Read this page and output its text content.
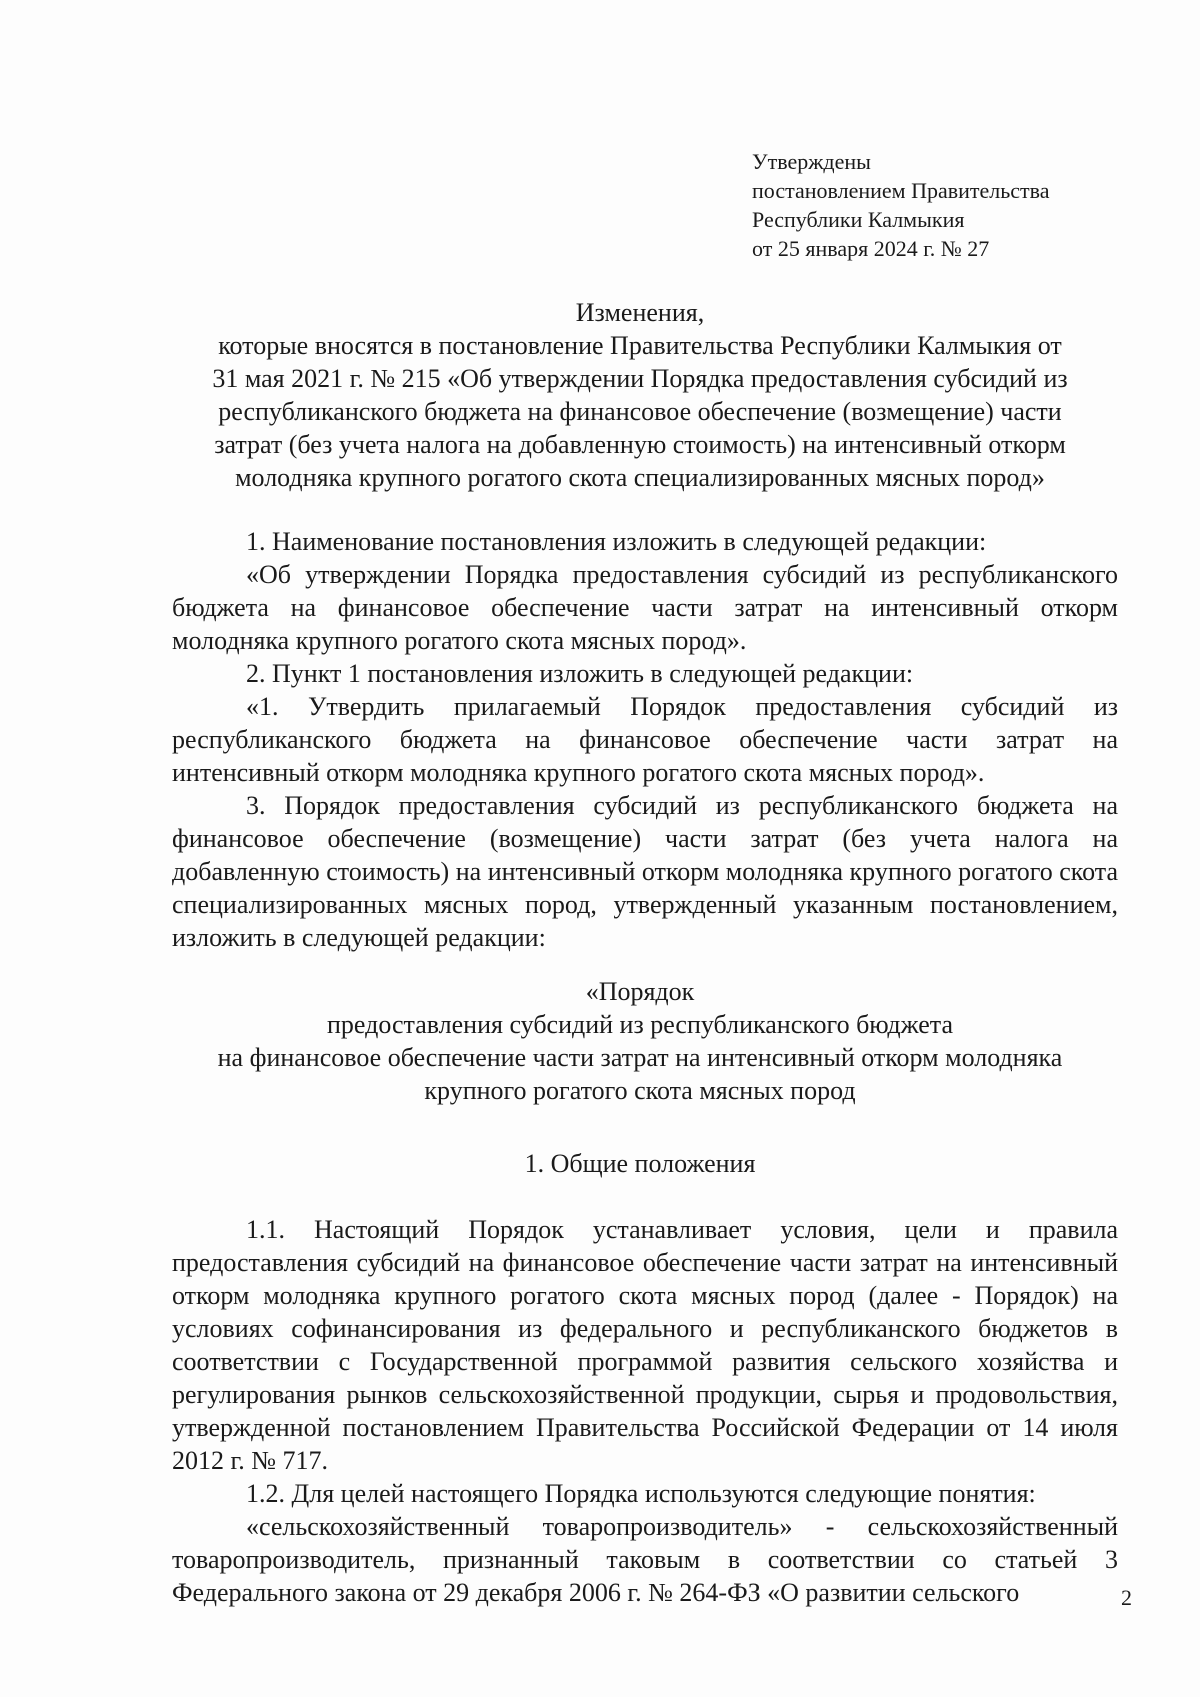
Утверждены
постановлением Правительства
Республики Калмыкия
от 25 января 2024 г. № 27
Изменения,
которые вносятся в постановление Правительства Республики Калмыкия от
31 мая 2021 г. № 215 «Об утверждении Порядка предоставления субсидий из
республиканского бюджета на финансовое обеспечение (возмещение) части
затрат (без учета налога на добавленную стоимость) на интенсивный откорм
молодняка крупного рогатого скота специализированных мясных пород»

1. Наименование постановления изложить в следующей редакции:

«Об утверждении Порядка предоставления субсидий из республиканского бюджета на финансовое обеспечение части затрат на интенсивный откорм молодняка крупного рогатого скота мясных пород».

2. Пункт 1 постановления изложить в следующей редакции:

«1. Утвердить прилагаемый Порядок предоставления субсидий из республиканского бюджета на финансовое обеспечение части затрат на интенсивный откорм молодняка крупного рогатого скота мясных пород».

3. Порядок предоставления субсидий из республиканского бюджета на финансовое обеспечение (возмещение) части затрат (без учета налога на добавленную стоимость) на интенсивный откорм молодняка крупного рогатого скота специализированных мясных пород, утвержденный указанным постановлением, изложить в следующей редакции:

«Порядок
предоставления субсидий из республиканского бюджета
на финансовое обеспечение части затрат на интенсивный откорм молодняка
крупного рогатого скота мясных пород
1. Общие положения

1.1. Настоящий Порядок устанавливает условия, цели и правила предоставления субсидий на финансовое обеспечение части затрат на интенсивный откорм молодняка крупного рогатого скота мясных пород (далее - Порядок) на условиях софинансирования из федерального и республиканского бюджетов в соответствии с Государственной программой развития сельского хозяйства и регулирования рынков сельскохозяйственной продукции, сырья и продовольствия, утвержденной постановлением Правительства Российской Федерации от 14 июля 2012 г. № 717.

1.2. Для целей настоящего Порядка используются следующие понятия:

«сельскохозяйственный товаропроизводитель» - сельскохозяйственный товаропроизводитель, признанный таковым в соответствии со статьей 3 Федерального закона от 29 декабря 2006 г. № 264-ФЗ «О развитии сельского	2
